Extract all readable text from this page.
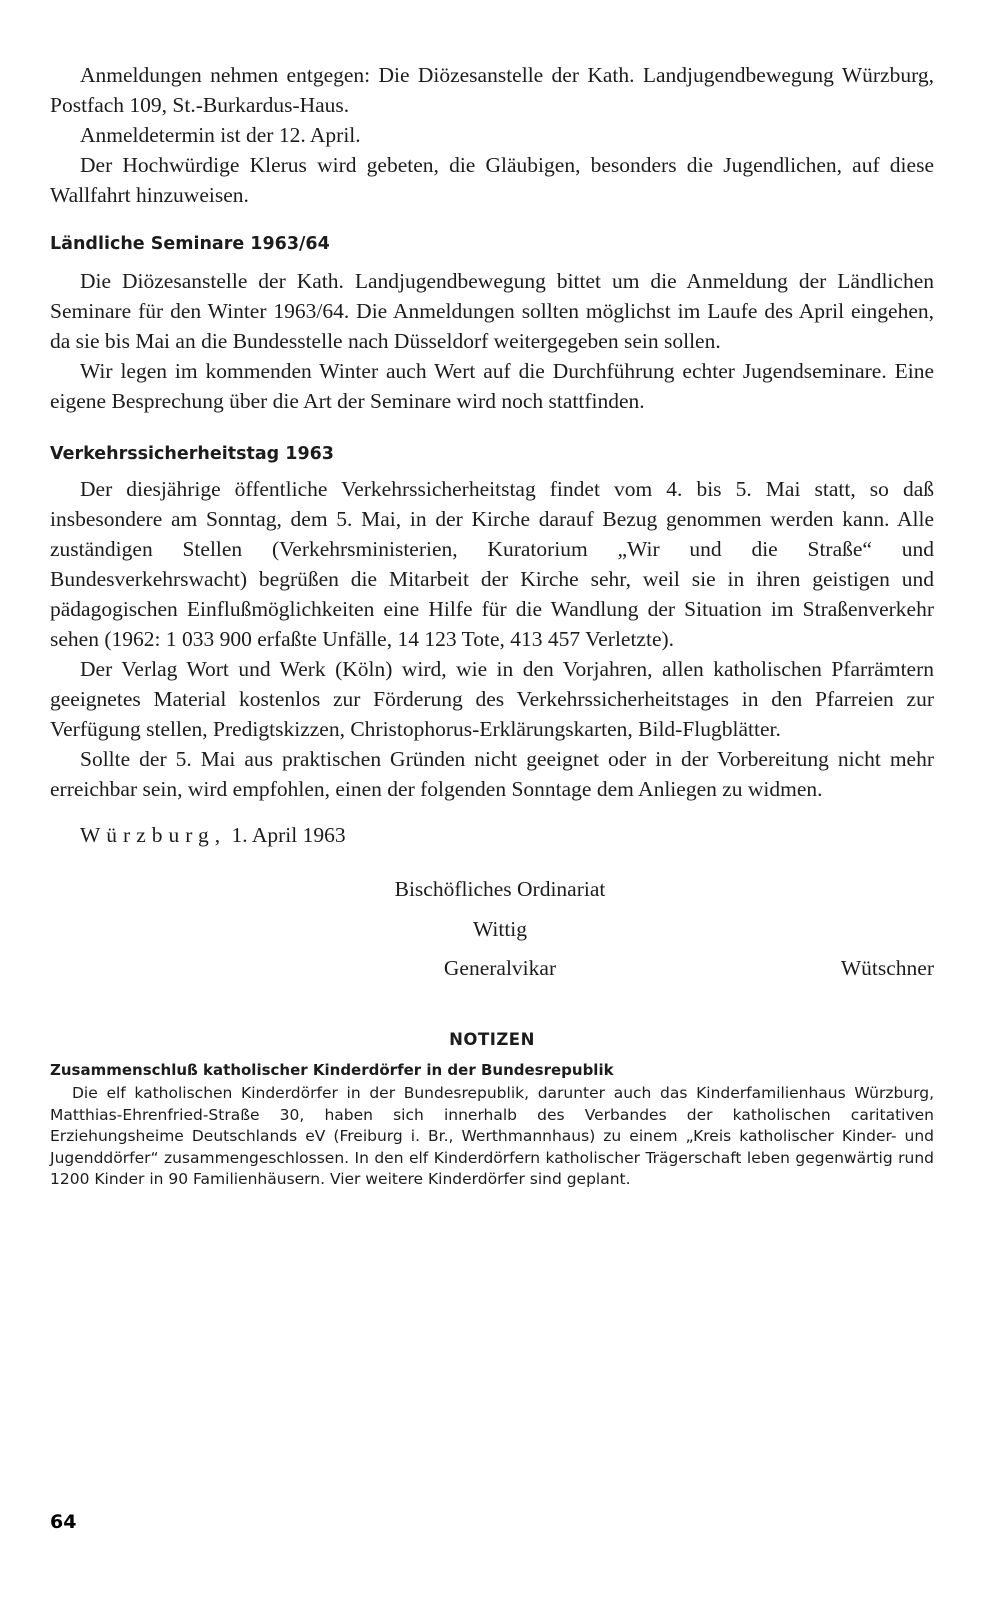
Anmeldungen nehmen entgegen: Die Diözesanstelle der Kath. Landjugendbewegung Würzburg, Postfach 109, St.-Burkardus-Haus.

Anmeldetermin ist der 12. April.

Der Hochwürdige Klerus wird gebeten, die Gläubigen, besonders die Jugendlichen, auf diese Wallfahrt hinzuweisen.

Ländliche Seminare 1963/64

Die Diözesanstelle der Kath. Landjugendbewegung bittet um die Anmeldung der Ländlichen Seminare für den Winter 1963/64. Die Anmeldungen sollten möglichst im Laufe des April eingehen, da sie bis Mai an die Bundesstelle nach Düsseldorf weitergegeben sein sollen.

Wir legen im kommenden Winter auch Wert auf die Durchführung echter Jugendseminare. Eine eigene Besprechung über die Art der Seminare wird noch stattfinden.

Verkehrssicherheitstag 1963

Der diesjährige öffentliche Verkehrssicherheitstag findet vom 4. bis 5. Mai statt, so daß insbesondere am Sonntag, dem 5. Mai, in der Kirche darauf Bezug genommen werden kann. Alle zuständigen Stellen (Verkehrsministerien, Kuratorium „Wir und die Straße“ und Bundesverkehrswacht) begrüßen die Mitarbeit der Kirche sehr, weil sie in ihren geistigen und pädagogischen Einflußmöglichkeiten eine Hilfe für die Wandlung der Situation im Straßenverkehr sehen (1962: 1 033 900 erfaßte Unfälle, 14 123 Tote, 413 457 Verletzte).

Der Verlag Wort und Werk (Köln) wird, wie in den Vorjahren, allen katholischen Pfarrämtern geeignetes Material kostenlos zur Förderung des Verkehrssicherheitstages in den Pfarreien zur Verfügung stellen, Predigtskizzen, Christophorus-Erklärungskarten, Bild-Flugblätter.

Sollte der 5. Mai aus praktischen Gründen nicht geeignet oder in der Vorbereitung nicht mehr erreichbar sein, wird empfohlen, einen der folgenden Sonntage dem Anliegen zu widmen.

Würzburg, 1. April 1963

Bischöfliches Ordinariat
Wittig
Generalvikar	Wütschner

NOTIZEN

Zusammenschluß katholischer Kinderdörfer in der Bundesrepublik

Die elf katholischen Kinderdörfer in der Bundesrepublik, darunter auch das Kinderfamilienhaus Würzburg, Matthias-Ehrenfried-Straße 30, haben sich innerhalb des Verbandes der katholischen caritativen Erziehungsheime Deutschlands eV (Freiburg i. Br., Werthmannhaus) zu einem „Kreis katholischer Kinder- und Jugenddörfer“ zusammengeschlossen. In den elf Kinderdörfern katholischer Trägerschaft leben gegenwärtig rund 1200 Kinder in 90 Familienhäusern. Vier weitere Kinderdörfer sind geplant.

64
